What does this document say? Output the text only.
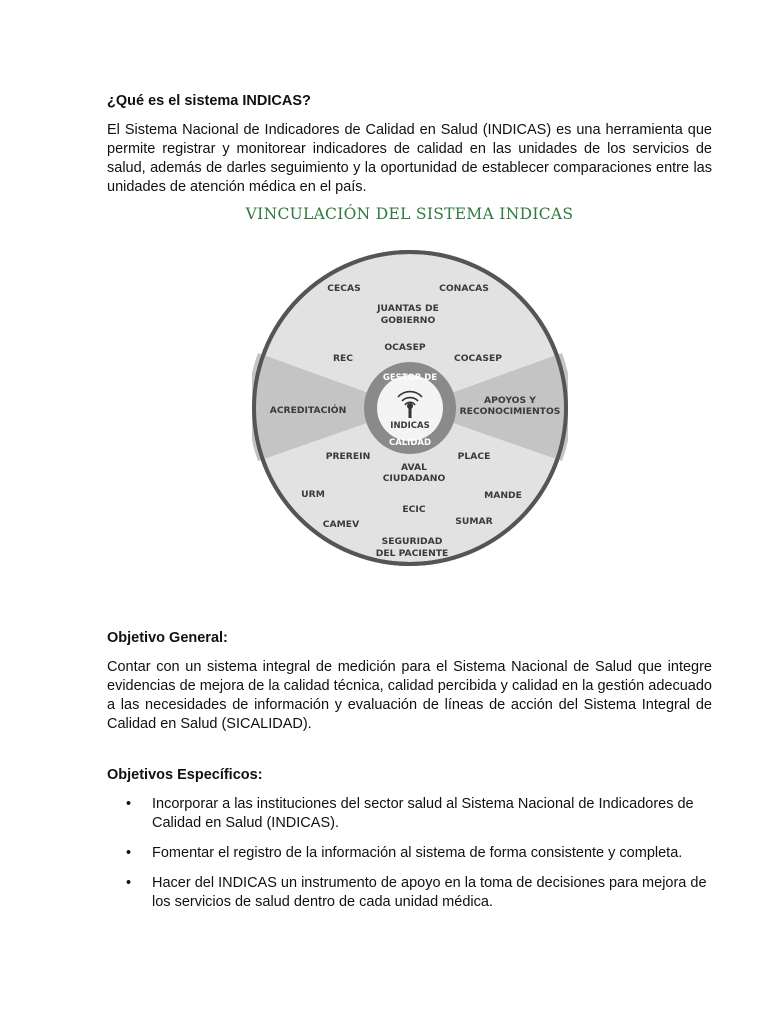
¿Qué es el sistema INDICAS?

El Sistema Nacional de Indicadores de Calidad en Salud (INDICAS) es una herramienta que permite registrar y monitorear indicadores de calidad en las unidades de los servicios de salud, además de darles seguimiento y la oportunidad de establecer comparaciones entre las unidades de atención médica en el país.

VINCULACIÓN DEL SISTEMA INDICAS
GESTOR DE
INDICAS
CALIDAD
CECAS	CONACAS
JUANTAS DE
GOBIERNO
OCASEP
REC	COCASEP
ACREDITACIÓN
APOYOS Y
RECONOCIMIENTOS
PREREIN	PLACE
AVAL
CIUDADANO
URM	MANDE
ECIC
CAMEV	SUMAR
SEGURIDAD
DEL PACIENTE
Objetivo General:

Contar con un sistema integral de medición para el Sistema Nacional de Salud que integre evidencias de mejora de la calidad técnica, calidad percibida y calidad en la gestión adecuado a las necesidades de información y evaluación de líneas de acción del Sistema Integral de Calidad en Salud (SICALIDAD).

Objetivos Específicos:
• Incorporar a las instituciones del sector salud al Sistema Nacional de Indicadores de Calidad en Salud (INDICAS).
• Fomentar el registro de la información al sistema de forma consistente y completa.
• Hacer del INDICAS un instrumento de apoyo en la toma de decisiones para mejora de los servicios de salud dentro de cada unidad médica.
